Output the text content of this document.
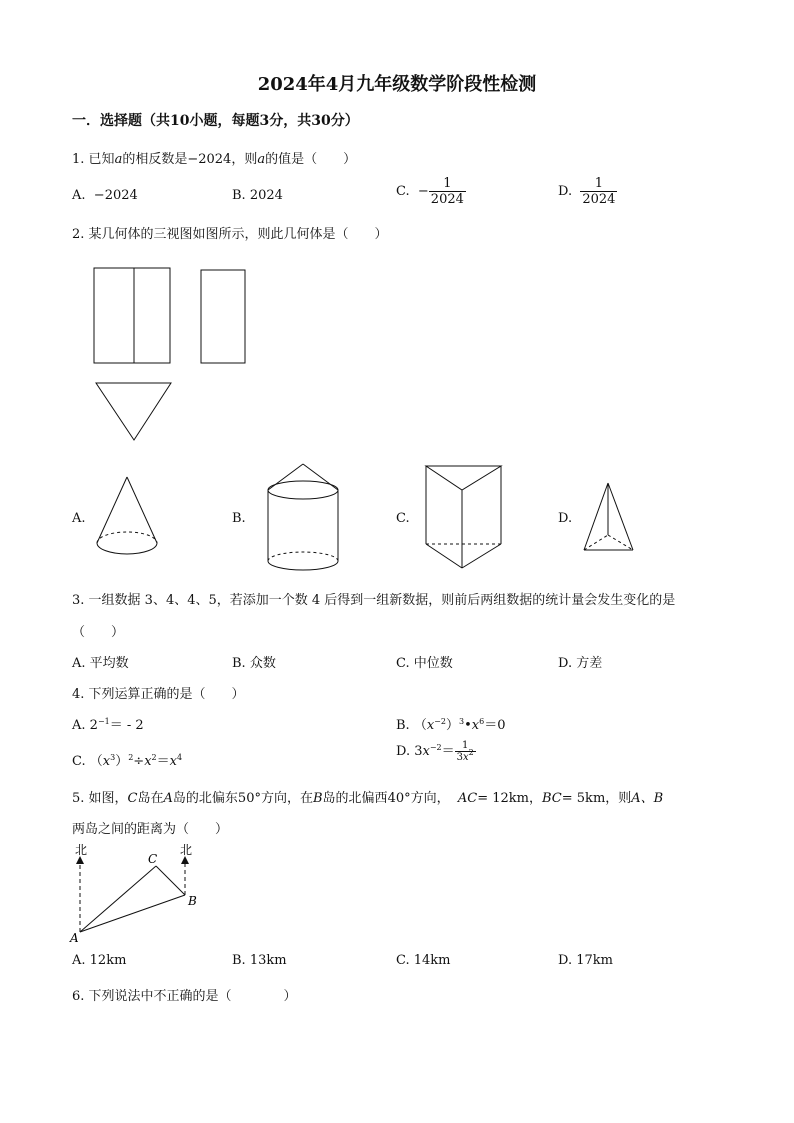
2024年4月九年级数学阶段性检测
一．选择题（共10小题，每题3分，共30分）
1. 已知a的相反数是−2024，则a的值是（　　）
A. −2024	B. 2024	C. − $\frac{1}{2024}$	D. $\frac{1}{2024}$
2. 某几何体的三视图如图所示，则此几何体是（　　）
A.	B.	C.	D.
3. 一组数据 3、4、4、5，若添加一个数 4 后得到一组新数据，则前后两组数据的统计量会发生变化的是
（　　）
A. 平均数	B. 众数	C. 中位数	D. 方差
4. 下列运算正确的是（　　）
A. $2^{-1}= - 2$	B. $(x^{-2})^3•x^6=0$
C. $(x^3)^2\div x^2=x^4$	D. $3x^{-2}= \frac{1}{3x^2}$
5. 如图，C岛在A岛的北偏东50°方向，在B岛的北偏西40°方向， AC= 12km，BC= 5km，则A、B
两岛之间的距离为（　　）
北	北
A
B
C
A. 12km	B. 13km	C. 14km	D. 17km
6. 下列说法中不正确的是（　　　　）
